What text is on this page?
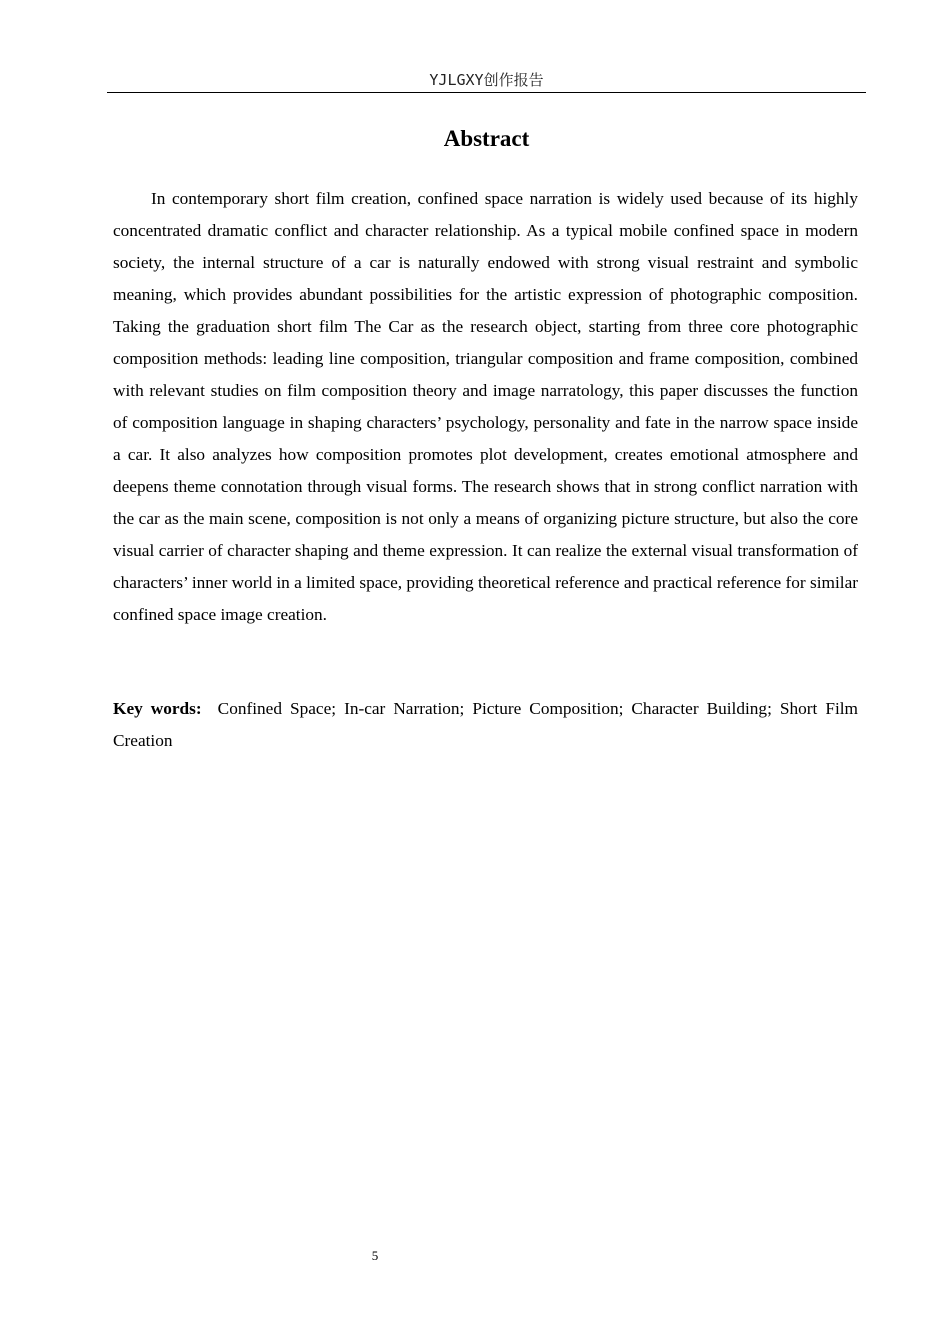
YJLGXY创作报告
Abstract

In contemporary short film creation, confined space narration is widely used because of its highly concentrated dramatic conflict and character relationship. As a typical mobile confined space in modern society, the internal structure of a car is naturally endowed with strong visual restraint and symbolic meaning, which provides abundant possibilities for the artistic expression of photographic composition. Taking the graduation short film The Car as the research object, starting from three core photographic composition methods: leading line composition, triangular composition and frame composition, combined with relevant studies on film composition theory and image narratology, this paper discusses the function of composition language in shaping characters’ psychology, personality and fate in the narrow space inside a car. It also analyzes how composition promotes plot development, creates emotional atmosphere and deepens theme connotation through visual forms. The research shows that in strong conflict narration with the car as the main scene, composition is not only a means of organizing picture structure, but also the core visual carrier of character shaping and theme expression. It can realize the external visual transformation of characters’ inner world in a limited space, providing theoretical reference and practical reference for similar confined space image creation.

Key words: Confined Space; In-car Narration; Picture Composition; Character Building; Short Film Creation

5
